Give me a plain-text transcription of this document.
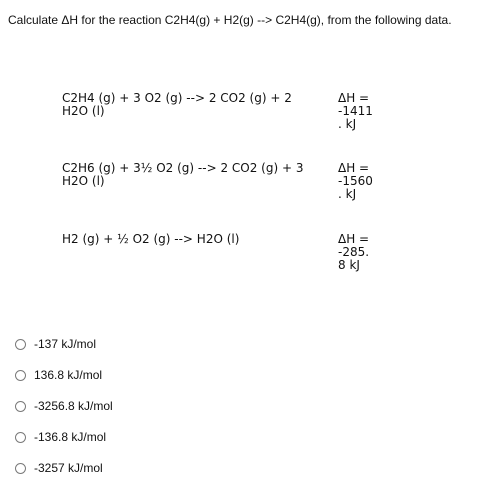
Calculate ΔH for the reaction C2H4(g) + H2(g) --> C2H4(g), from the following data.
C2H4 (g) + 3 O2 (g) --> 2 CO2 (g) + 2 H2O (l)
ΔH =
-1411
. kJ
C2H6 (g) + 3½ O2 (g) --> 2 CO2 (g) + 3 H2O (l)
ΔH =
-1560
. kJ
H2 (g) + ½ O2 (g) --> H2O (l)	ΔH =
-285.
8 kJ
-137 kJ/mol
136.8 kJ/mol
-3256.8 kJ/mol
-136.8 kJ/mol
-3257 kJ/mol
